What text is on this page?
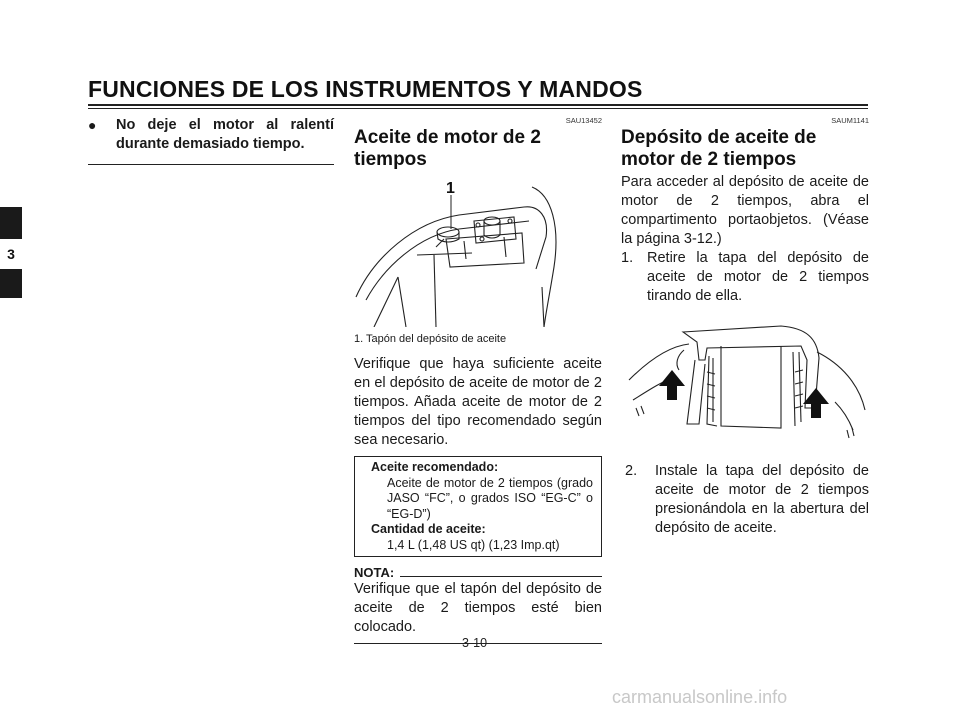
FUNCIONES DE LOS INSTRUMENTOS Y MANDOS
3
● No deje el motor al ralentí durante demasiado tiempo.
SAU13452
Aceite de motor de 2 tiempos
1
1. Tapón del depósito de aceite

Verifique que haya suficiente aceite en el depósito de aceite de motor de 2 tiempos. Añada aceite de motor de 2 tiempos del tipo recomendado según sea necesario.

Aceite recomendado:
Aceite de motor de 2 tiempos (grado JASO “FC”, o grados ISO “EG-C” o “EG-D”)
Cantidad de aceite:
1,4 L (1,48 US qt) (1,23 Imp.qt)
NOTA:

Verifique que el tapón del depósito de aceite de 2 tiempos esté bien colocado.

SAUM1141
Depósito de aceite de motor de 2 tiempos

Para acceder al depósito de aceite de motor de 2 tiempos, abra el compartimento portaobjetos. (Véase la página 3-12.)

1. Retire la tapa del depósito de aceite de motor de 2 tiempos tirando de ella.
2. Instale la tapa del depósito de aceite de motor de 2 tiempos presionándola en la abertura del depósito de aceite.
3-10
carmanualsonline.info
